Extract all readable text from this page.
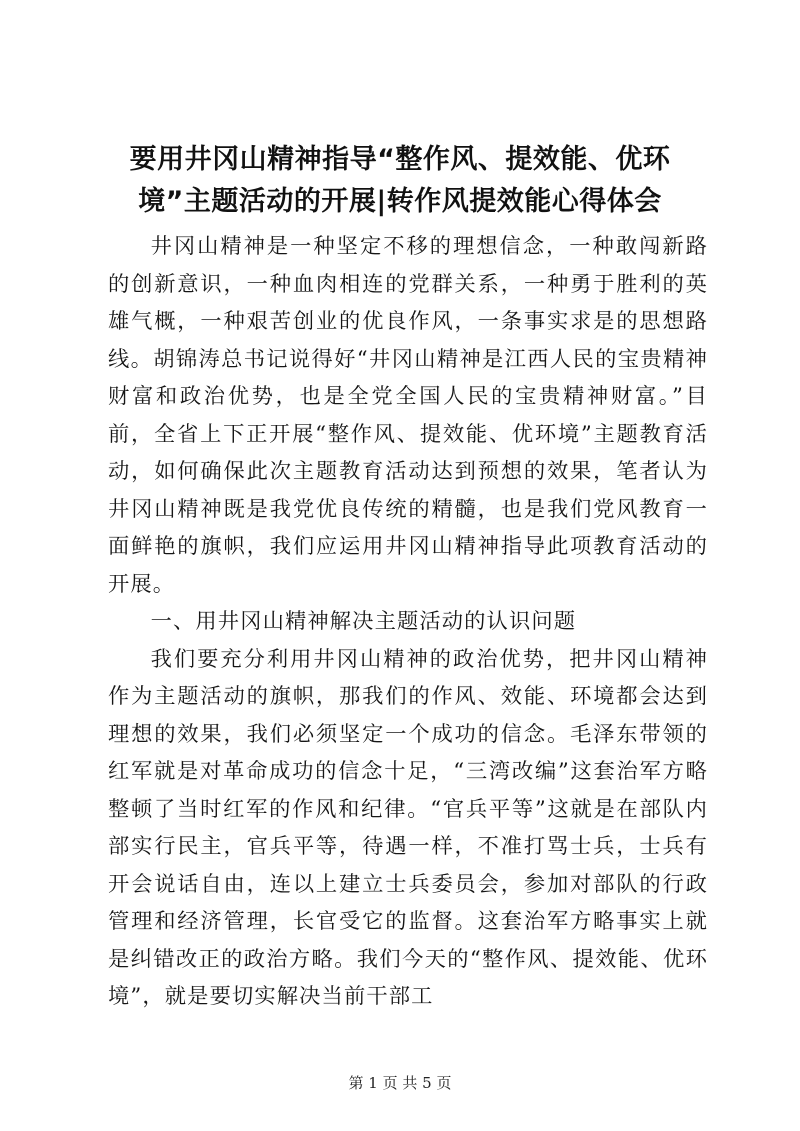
要用井冈山精神指导“整作风、提效能、优环境”主题活动的开展|转作风提效能心得体会

井冈山精神是一种坚定不移的理想信念，一种敢闯新路的创新意识，一种血肉相连的党群关系，一种勇于胜利的英雄气概，一种艰苦创业的优良作风，一条事实求是的思想路线。胡锦涛总书记说得好“井冈山精神是江西人民的宝贵精神财富和政治优势，也是全党全国人民的宝贵精神财富。”目前，全省上下正开展“整作风、提效能、优环境”主题教育活动，如何确保此次主题教育活动达到预想的效果，笔者认为井冈山精神既是我党优良传统的精髓，也是我们党风教育一面鲜艳的旗帜，我们应运用井冈山精神指导此项教育活动的开展。

一、用井冈山精神解决主题活动的认识问题

我们要充分利用井冈山精神的政治优势，把井冈山精神作为主题活动的旗帜，那我们的作风、效能、环境都会达到理想的效果，我们必须坚定一个成功的信念。毛泽东带领的红军就是对革命成功的信念十足，“三湾改编”这套治军方略整顿了当时红军的作风和纪律。“官兵平等”这就是在部队内部实行民主，官兵平等，待遇一样，不准打骂士兵，士兵有开会说话自由，连以上建立士兵委员会，参加对部队的行政管理和经济管理，长官受它的监督。这套治军方略事实上就是纠错改正的政治方略。我们今天的“整作风、提效能、优环境”，就是要切实解决当前干部工

第 1 页 共 5 页
